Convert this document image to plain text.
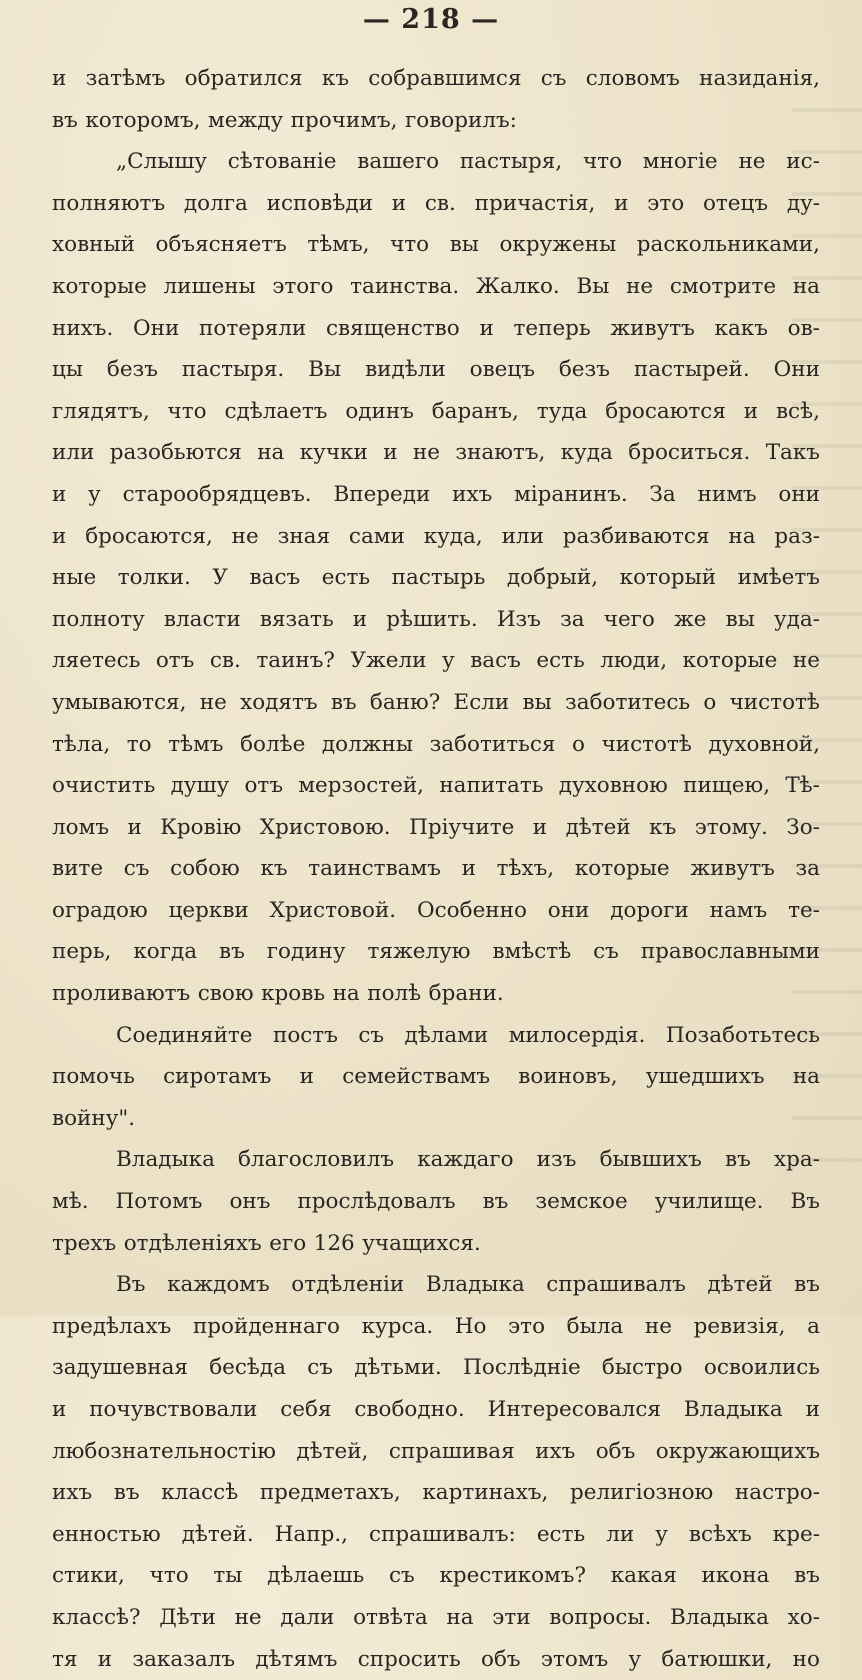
— 218 —
и затѣмъ обратился къ собравшимся съ словомъ назиданія,
въ которомъ, между прочимъ, говорилъ:
„Слышу сѣтованіе вашего пастыря, что многіе не ис-
полняютъ долга исповѣди и св. причастія, и это отецъ ду-
ховный объясняетъ тѣмъ, что вы окружены раскольниками,
которые лишены этого таинства. Жалко. Вы не смотрите на
нихъ. Они потеряли священство и теперь живутъ какъ ов-
цы безъ пастыря. Вы видѣли овецъ безъ пастырей. Они
глядятъ, что сдѣлаетъ одинъ баранъ, туда бросаются и всѣ,
или разобьются на кучки и не знаютъ, куда броситься. Такъ
и у старообрядцевъ. Впереди ихъ міранинъ. За нимъ они
и бросаются, не зная сами куда, или разбиваются на раз-
ные толки. У васъ есть пастырь добрый, который имѣетъ
полноту власти вязать и рѣшить. Изъ за чего же вы уда-
ляетесь отъ св. таинъ? Ужели у васъ есть люди, которые не
умываются, не ходятъ въ баню? Если вы заботитесь о чистотѣ
тѣла, то тѣмъ болѣе должны заботиться о чистотѣ духовной,
очистить душу отъ мерзостей, напитать духовною пищею, Тѣ-
ломъ и Кровію Христовою. Пріучите и дѣтей къ этому. Зо-
вите съ собою къ таинствамъ и тѣхъ, которые живутъ за
оградою церкви Христовой. Особенно они дороги намъ те-
перь, когда въ годину тяжелую вмѣстѣ съ православными
проливаютъ свою кровь на полѣ брани.
Соединяйте постъ съ дѣлами милосердія. Позаботьтесь
помочь сиротамъ и семействамъ воиновъ, ушедшихъ на
войну".
Владыка благословилъ каждаго изъ бывшихъ въ хра-
мѣ. Потомъ онъ прослѣдовалъ въ земское училище. Въ
трехъ отдѣленіяхъ его 126 учащихся.
Въ каждомъ отдѣленіи Владыка спрашивалъ дѣтей въ
предѣлахъ пройденнаго курса. Но это была не ревизія, а
задушевная бесѣда съ дѣтьми. Послѣдніе быстро освоились
и почувствовали себя свободно. Интересовался Владыка и
любознательностію дѣтей, спрашивая ихъ объ окружающихъ
ихъ въ классѣ предметахъ, картинахъ, религіозною настро-
енностью дѣтей. Напр., спрашивалъ: есть ли у всѣхъ кре-
стики, что ты дѣлаешь съ крестикомъ? какая икона въ
классѣ? Дѣти не дали отвѣта на эти вопросы. Владыка хо-
тя и заказалъ дѣтямъ спросить объ этомъ у батюшки, но
